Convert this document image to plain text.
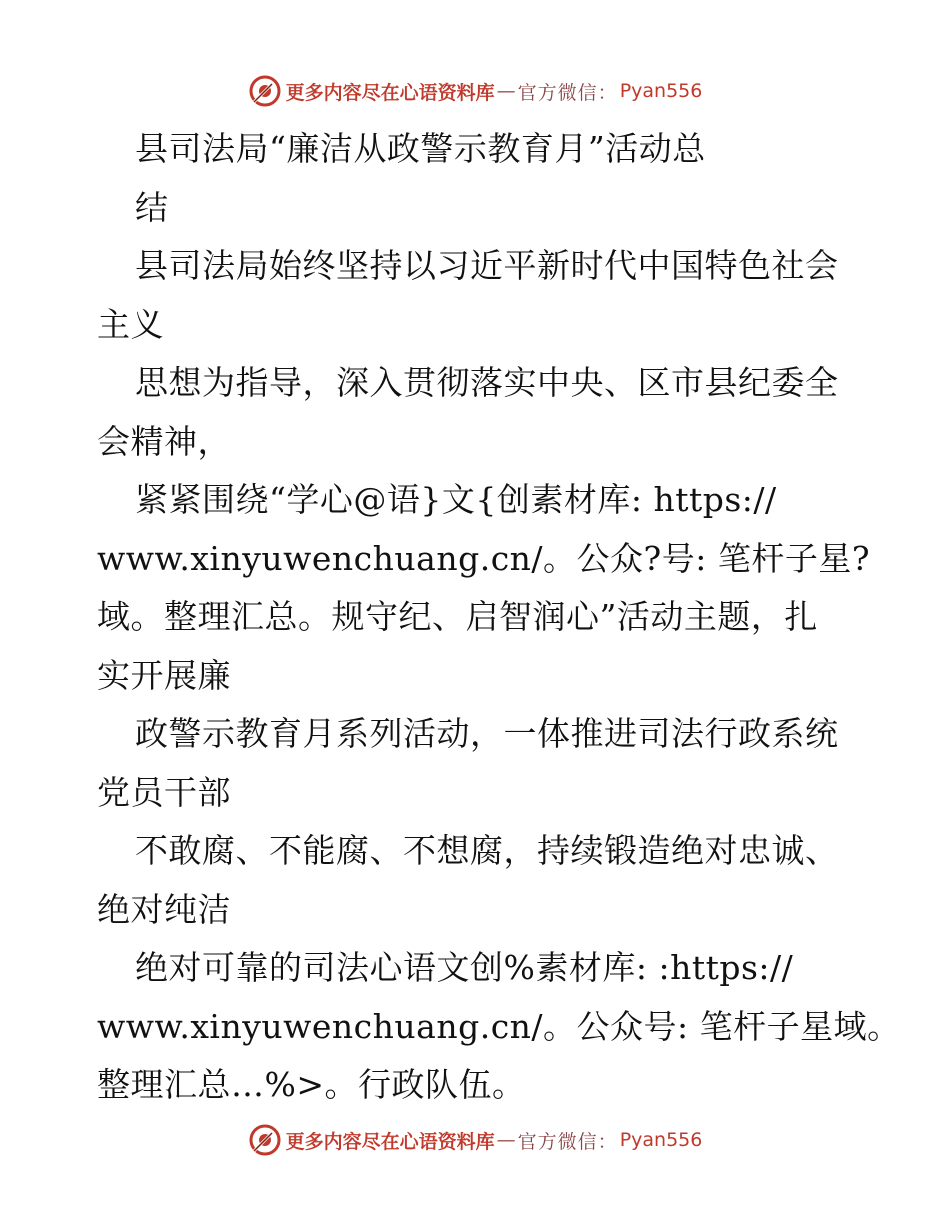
更多内容尽在心语资料库 — 官方微信： Pyan556
县司法局“廉洁从政警示教育月”活动总
结
县司法局始终坚持以习近平新时代中国特色社会
主义
思想为指导，深入贯彻落实中央、区市县纪委全
会精神，
紧紧围绕“学心@语}文{创素材库: https://
www.xinyuwenchuang.cn/。公众?号: 笔杆子星?
域。整理汇总。规守纪、启智润心”活动主题，扎
实开展廉
政警示教育月系列活动，一体推进司法行政系统
党员干部
不敢腐、不能腐、不想腐，持续锻造绝对忠诚、
绝对纯洁
绝对可靠的司法心语文创%素材库: :https://
www.xinyuwenchuang.cn/。公众号: 笔杆子星域。
整理汇总…%>。行政队伍。
更多内容尽在心语资料库 — 官方微信： Pyan556
